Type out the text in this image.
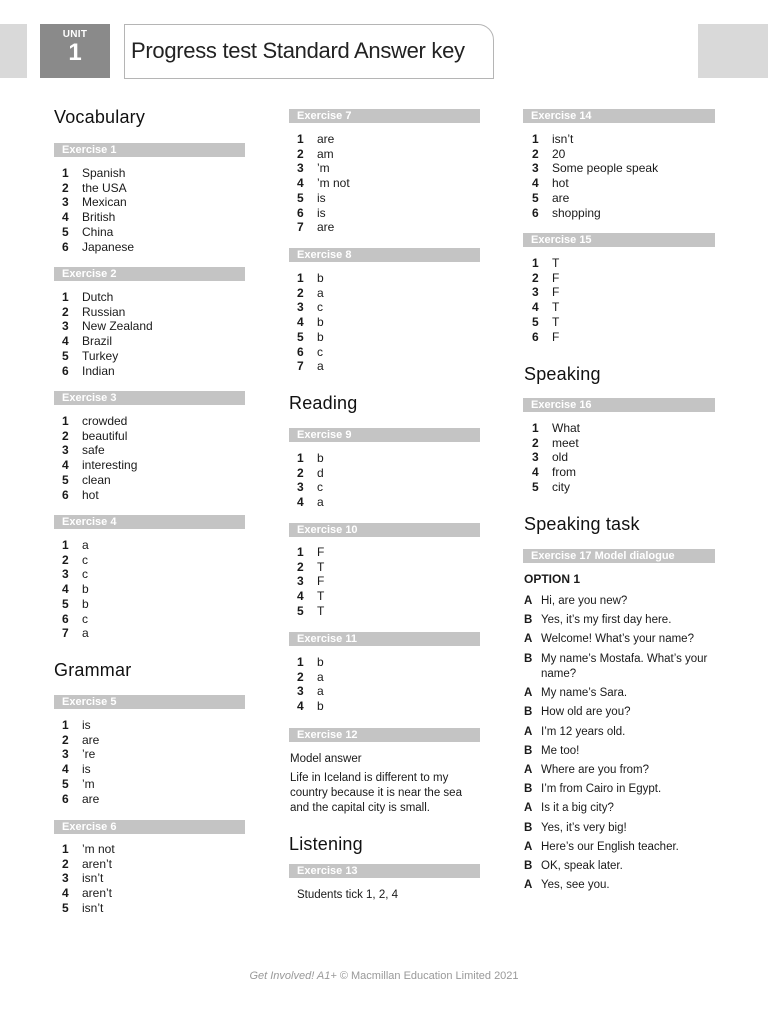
UNIT
1	Progress test Standard Answer key
Vocabulary
Exercise 1
1 Spanish
2 the USA
3 Mexican
4 British
5 China
6 Japanese
Exercise 2
1 Dutch
2 Russian
3 New Zealand
4 Brazil
5 Turkey
6 Indian
Exercise 3
1 crowded
2 beautiful
3 safe
4 interesting
5 clean
6 hot
Exercise 4
1 a
2 c
3 c
4 b
5 b
6 c
7 a
Grammar
Exercise 5
1 is
2 are
3 ’re
4 is
5 ’m
6 are
Exercise 6
1 ’m not
2 aren’t
3 isn’t
4 aren’t
5 isn’t
Exercise 7
1 are
2 am
3 ’m
4 ’m not
5 is
6 is
7 are
Exercise 8
1 b
2 a
3 c
4 b
5 b
6 c
7 a
Reading
Exercise 9
1 b
2 d
3 c
4 a
Exercise 10
1 F
2 T
3 F
4 T
5 T
Exercise 11
1 b
2 a
3 a
4 b
Exercise 12
Model answer
Life in Iceland is different to my country because it is near the sea and the capital city is small.
Listening
Exercise 13
Students tick 1, 2, 4
Exercise 14
1 isn’t
2 20
3 Some people speak
4 hot
5 are
6 shopping
Exercise 15
1 T
2 F
3 F
4 T
5 T
6 F
Speaking
Exercise 16
1 What
2 meet
3 old
4 from
5 city
Speaking task
Exercise 17 Model dialogue
OPTION 1
A Hi, are you new?
B Yes, it’s my first day here.
A Welcome! What’s your name?
B My name’s Mostafa. What’s your name?
A My name’s Sara.
B How old are you?
A I’m 12 years old.
B Me too!
A Where are you from?
B I’m from Cairo in Egypt.
A Is it a big city?
B Yes, it’s very big!
A Here’s our English teacher.
B OK, speak later.
A Yes, see you.
Get Involved! A1+ © Macmillan Education Limited 2021
